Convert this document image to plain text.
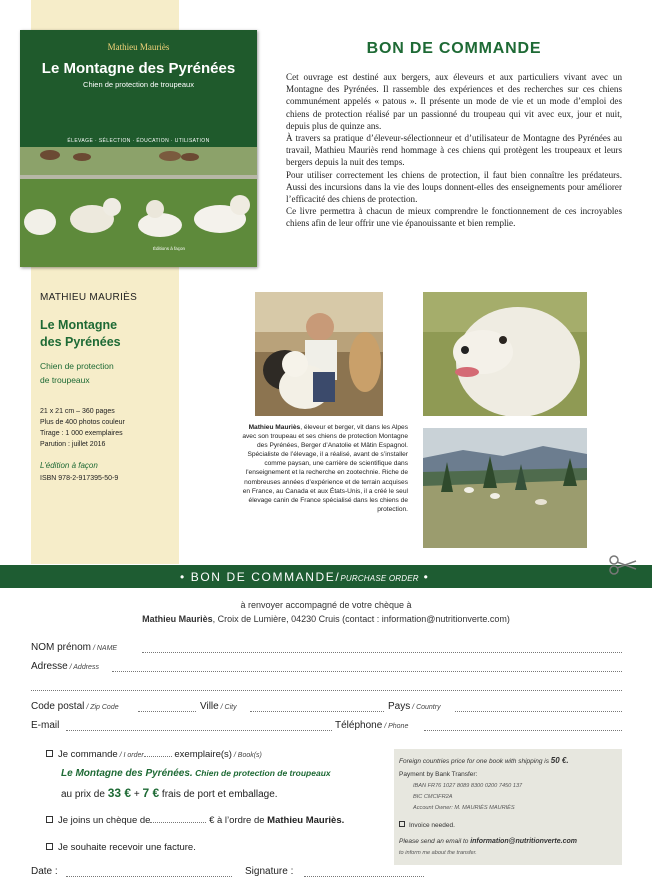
Mathieu Mauriès
Le Montagne des Pyrénées
Chien de protection de troupeaux
ÉLEVAGE · SÉLECTION · ÉDUCATION · UTILISATION
Éditions à façon
BON DE COMMANDE

Cet ouvrage est destiné aux bergers, aux éleveurs et aux particuliers vivant avec un Montagne des Pyrénées. Il rassemble des expériences et des recherches sur ces chiens communément appelés « patous ». Il présente un mode de vie et un mode d’emploi des chiens de protection réalisé par un passionné du troupeau qui vit avec eux, jour et nuit, depuis plus de quinze ans.

À travers sa pratique d’éleveur-sélectionneur et d’utilisateur de Montagne des Pyrénées au travail, Mathieu Mauriès rend hommage à ces chiens qui protègent les troupeaux et leurs bergers depuis la nuit des temps.

Pour utiliser correctement les chiens de protection, il faut bien connaître les prédateurs. Aussi des incursions dans la vie des loups donnent-elles des enseignements pour améliorer l’efficacité des chiens de protection.

Ce livre permettra à chacun de mieux comprendre le fonctionnement de ces incroyables chiens afin de leur offrir une vie épanouissante et bien remplie.

MATHIEU MAURIÈS
Le Montagne
des Pyrénées
Chien de protection
de troupeaux
21 x 21 cm – 360 pages
Plus de 400 photos couleur
Tirage : 1 000 exemplaires
Parution : juillet 2016
L’édition à façon
ISBN 978-2-917395-50-9
Mathieu Mauriès, éleveur et berger, vit dans les Alpes avec son troupeau et ses chiens de protection Montagne des Pyrénées, Berger d’Anatolie et Mâtin Espagnol. Spécialiste de l’élevage, il a réalisé, avant de s’installer comme paysan, une carrière de scientifique dans l’enseignement et la recherche en zootechnie. Riche de nombreuses années d’expérience et de terrain acquises en France, au Canada et aux États-Unis, il a créé le seul élevage canin de France spécialisé dans les chiens de protection.
• BON DE COMMANDE/PURCHASE ORDER •
à renvoyer accompagné de votre chèque à
Mathieu Mauriès, Croix de Lumière, 04230 Cruis (contact : information@nutritionverte.com)
NOM prénom / NAME
Adresse / Address
Code postal / Zip Code	Ville / City	Pays / Country
E-mail	Téléphone / Phone
Je commande / I order	exemplaire(s) / Book(s)
Le Montagne des Pyrénées. Chien de protection de troupeaux
au prix de 33 € + 7 € frais de port et emballage.
Je joins un chèque de	€ à l’ordre de Mathieu Mauriès.
Je souhaite recevoir une facture.
Foreign countries price for one book with shipping is 50 €.
Payment by Bank Transfer:
IBAN FR76 1027 8089 8300 0200 7450 137
BIC CMCIFR2A
Account Owner: M. MAURIÈS MAURIÈS
Invoice needed.
Please send an email to information@nutritionverte.com
to inform me about the transfer.
Date :	Signature :
